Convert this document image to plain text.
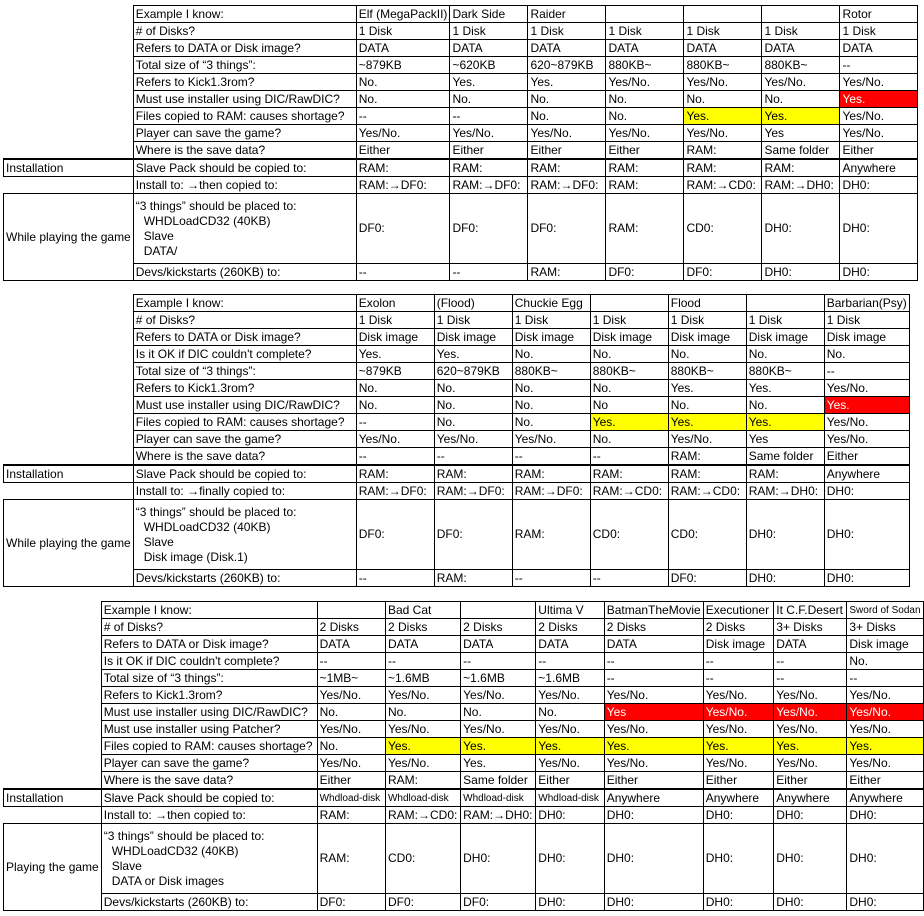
	Example I know:	Elf (MegaPackII)	Dark Side	Raider				Rotor
	# of Disks?	1 Disk	1 Disk	1 Disk	1 Disk	1 Disk	1 Disk	1 Disk
	Refers to DATA or Disk image?	DATA	DATA	DATA	DATA	DATA	DATA	DATA
	Total size of “3 things”:	~879KB	~620KB	620~879KB	880KB~	880KB~	880KB~	--
	Refers to Kick1.3rom?	No.	Yes.	Yes.	Yes/No.	Yes/No.	Yes/No.	Yes/No.
	Must use installer using DIC/RawDIC?	No.	No.	No.	No.	No.	No.	Yes.
	Files copied to RAM: causes shortage?	--	--	No.	No.	Yes.	Yes.	Yes/No.
	Player can save the game?	Yes/No.	Yes/No.	Yes/No.	Yes/No.	Yes/No.	Yes	Yes/No.
	Where is the save data?	Either	Either	Either	Either	RAM:	Same folder	Either
Installation	Slave Pack should be copied to:	RAM:	RAM:	RAM:	RAM:	RAM:	RAM:	Anywhere
	Install to: →then copied to:	RAM:→DF0:	RAM:→DF0:	RAM:→DF0:	RAM:	RAM:→CD0:	RAM:→DH0:	DH0:
While playing the game	“3 things” should be placed to:
WHDLoadCD32 (40KB)
Slave
DATA/	DF0:	DF0:	DF0:	RAM:	CD0:	DH0:	DH0:
	Devs/kickstarts (260KB) to:	--	--	RAM:	DF0:	DF0:	DH0:	DH0:
	Example I know:	Exolon	(Flood)	Chuckie Egg		Flood		Barbarian(Psy)
	# of Disks?	1 Disk	1 Disk	1 Disk	1 Disk	1 Disk	1 Disk	1 Disk
	Refers to DATA or Disk image?	Disk image	Disk image	Disk image	Disk image	Disk image	Disk image	Disk image
	Is it OK if DIC couldn't complete?	Yes.	Yes.	No.	No.	No.	No.	No.
	Total size of “3 things”:	~879KB	620~879KB	880KB~	880KB~	880KB~	880KB~	--
	Refers to Kick1.3rom?	No.	No.	No.	No.	Yes.	Yes.	Yes/No.
	Must use installer using DIC/RawDIC?	No.	No.	No.	No	No.	No.	Yes.
	Files copied to RAM: causes shortage?	--	No.	No.	Yes.	Yes.	Yes.	Yes/No.
	Player can save the game?	Yes/No.	Yes/No.	Yes/No.	No.	Yes/No.	Yes	Yes/No.
	Where is the save data?	--	--	--	--	RAM:	Same folder	Either
Installation	Slave Pack should be copied to:	RAM:	RAM:	RAM:	RAM:	RAM:	RAM:	Anywhere
	Install to: →finally copied to:	RAM:→DF0:	RAM:→DF0:	RAM:→DF0:	RAM:→CD0:	RAM:→CD0:	RAM:→DH0:	DH0:
While playing the game	“3 things” should be placed to:
WHDLoadCD32 (40KB)
Slave
Disk image (Disk.1)	DF0:	DF0:	RAM:	CD0:	CD0:	DH0:	DH0:
	Devs/kickstarts (260KB) to:	--	RAM:	--	--	DF0:	DH0:	DH0:
	Example I know:		Bad Cat		Ultima V	BatmanTheMovie	Executioner	It C.F.Desert	Sword of Sodan
	# of Disks?	2 Disks	2 Disks	2 Disks	2 Disks	2 Disks	2 Disks	3+ Disks	3+ Disks
	Refers to DATA or Disk image?	DATA	DATA	DATA	DATA	DATA	Disk image	DATA	Disk image
	Is it OK if DIC couldn't complete?	--	--	--	--	--	--	--	No.
	Total size of “3 things”:	~1MB~	~1.6MB	~1.6MB	~1.6MB	--	--	--	--
	Refers to Kick1.3rom?	Yes/No.	Yes/No.	Yes/No.	Yes/No.	Yes/No.	Yes/No.	Yes/No.	Yes/No.
	Must use installer using DIC/RawDIC?	No.	No.	No.	No.	Yes	Yes/No.	Yes/No.	Yes/No.
	Must use installer using Patcher?	Yes/No.	Yes/No.	Yes/No.	Yes/No.	Yes/No.	Yes/No.	Yes/No.	Yes/No.
	Files copied to RAM: causes shortage?	No.	Yes.	Yes.	Yes.	Yes.	Yes.	Yes.	Yes.
	Player can save the game?	Yes/No.	Yes/No.	Yes.	Yes/No.	Yes/No.	Yes/No.	Yes/No.	Yes/No.
	Where is the save data?	Either	RAM:	Same folder	Either	Either	Either	Either	Either
Installation	Slave Pack should be copied to:	Whdload-disk	Whdload-disk	Whdload-disk	Whdload-disk	Anywhere	Anywhere	Anywhere	Anywhere
	Install to: →then copied to:	RAM:	RAM:→CD0:	RAM:→DH0:	DH0:	DH0:	DH0:	DH0:	DH0:
Playing the game	“3 things” should be placed to:
WHDLoadCD32 (40KB)
Slave
DATA or Disk images	RAM:	CD0:	DH0:	DH0:	DH0:	DH0:	DH0:	DH0:
	Devs/kickstarts (260KB) to:	DF0:	DF0:	DF0:	DH0:	DH0:	DH0:	DH0:	DH0:
